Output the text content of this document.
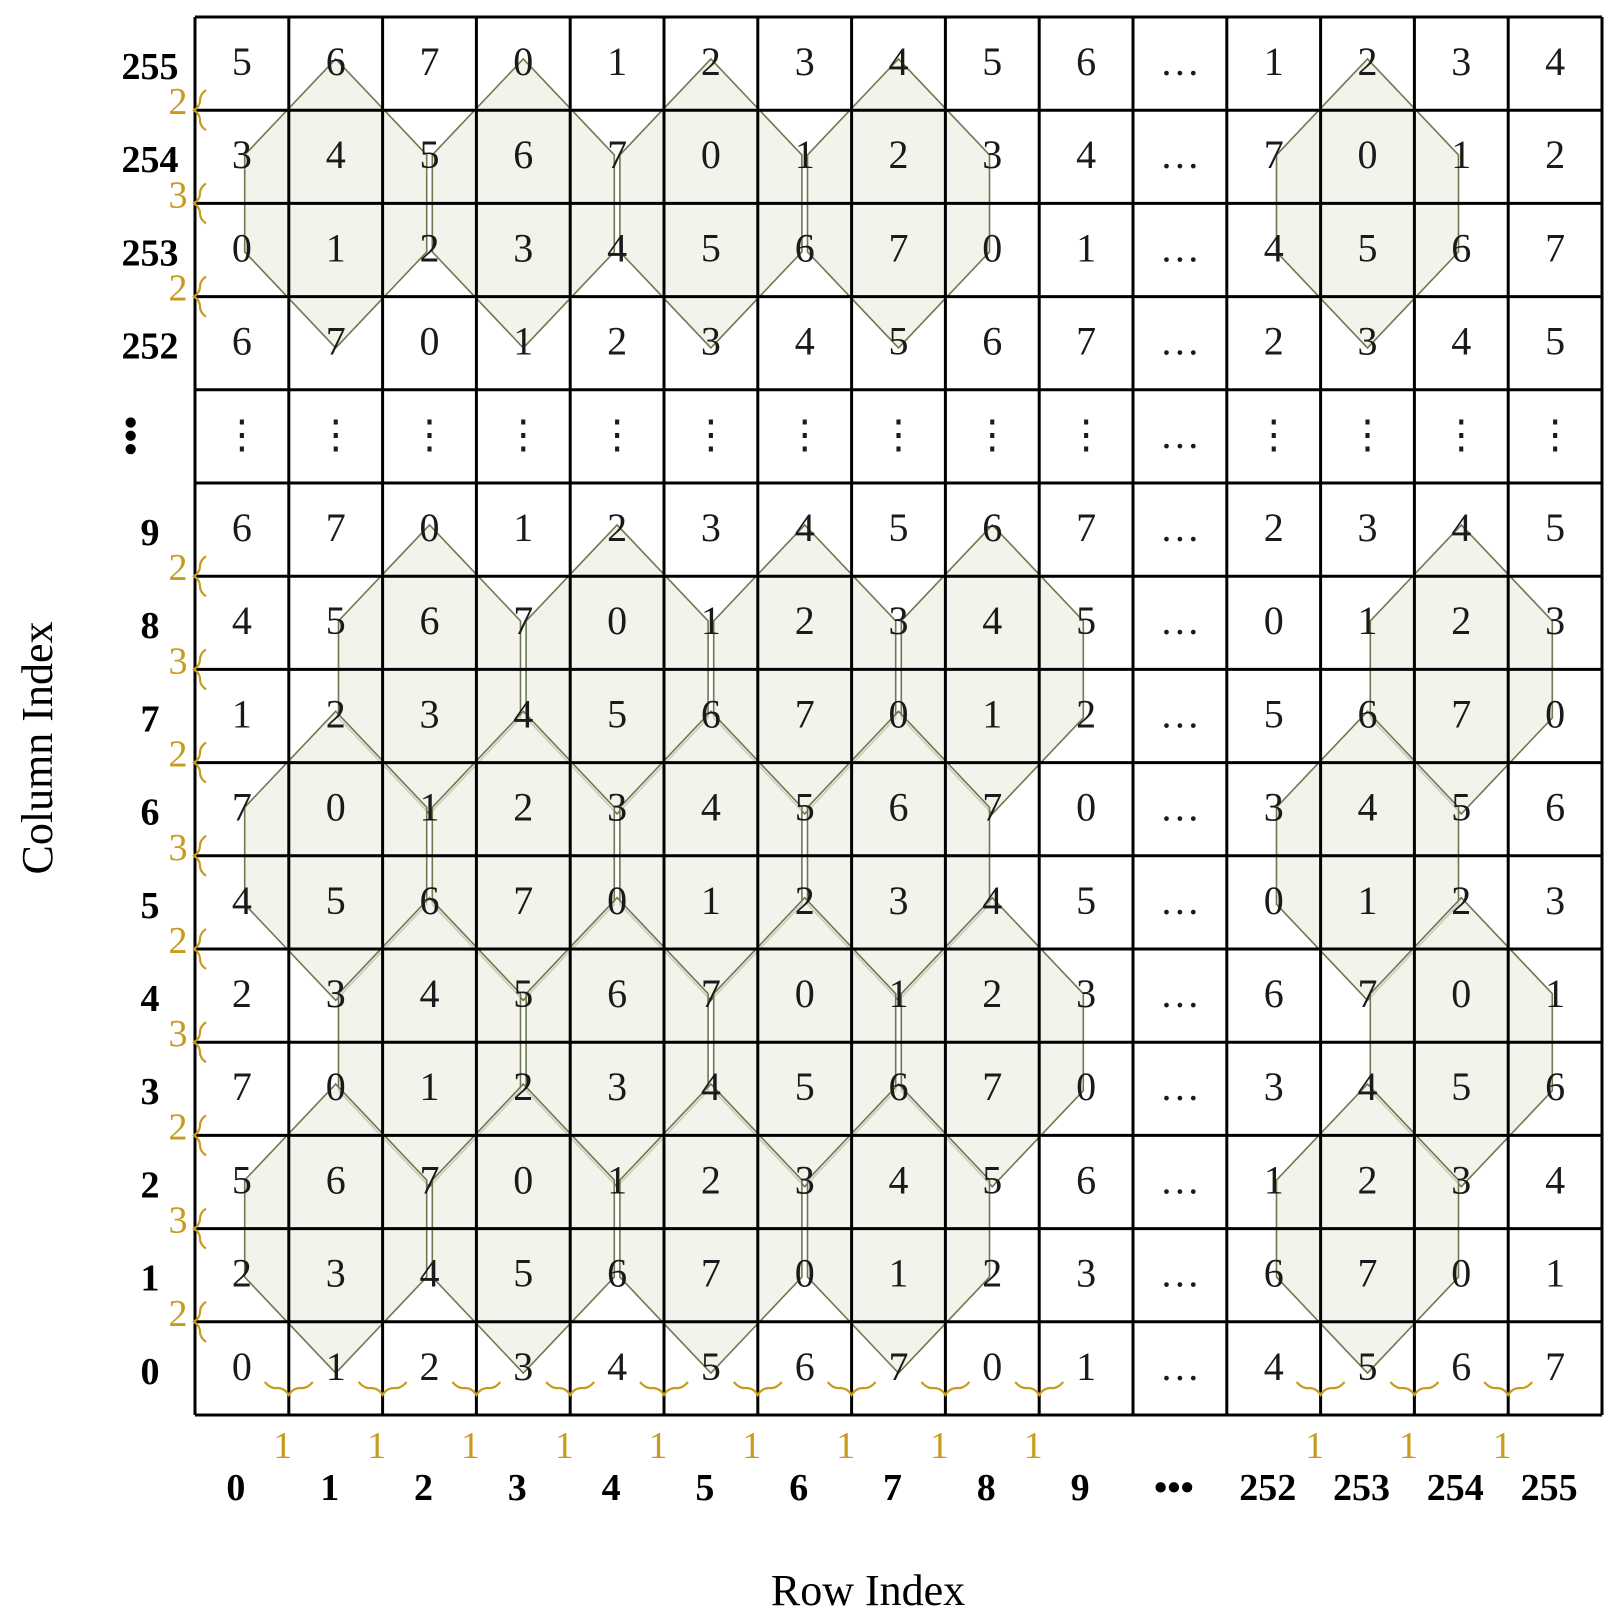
5 6 7 0 1 2 3 4 5 6 … 1 2 3 4
3 4 5 6 7 0 1 2 3 4 … 7 0 1 2
0 1 2 3 4 5 6 7 0 1 … 4 5 6 7
6 7 0 1 2 3 4 5 6 7 … 2 3 4 5
⋮ ⋮ ⋮ ⋮ ⋮ ⋮ ⋮ ⋮ ⋮ ⋮ … ⋮ ⋮ ⋮ ⋮
6 7 0 1 2 3 4 5 6 7 … 2 3 4 5
4 5 6 7 0 1 2 3 4 5 … 0 1 2 3
1 2 3 4 5 6 7 0 1 2 … 5 6 7 0
7 0 1 2 3 4 5 6 7 0 … 3 4 5 6
4 5 6 7 0 1 2 3 4 5 … 0 1 2 3
2 3 4 5 6 7 0 1 2 3 … 6 7 0 1
7 0 1 2 3 4 5 6 7 0 … 3 4 5 6
5 6 7 0 1 2 3 4 5 6 … 1 2 3 4
2 3 4 5 6 7 0 1 2 3 … 6 7 0 1
0 1 2 3 4 5 6 7 0 1 … 4 5 6 7
255
254
253
252
•••
9
8
7
6
5
4
3
2
1
0
0 1 2 3 4 5 6 7 8 9 ••• 252 253 254 255
1 1 1 1 1 1 1 1 1	1 1 1
2
3
2
2
3
2
3
2
3
2
3
2
Row Index
Column Index
